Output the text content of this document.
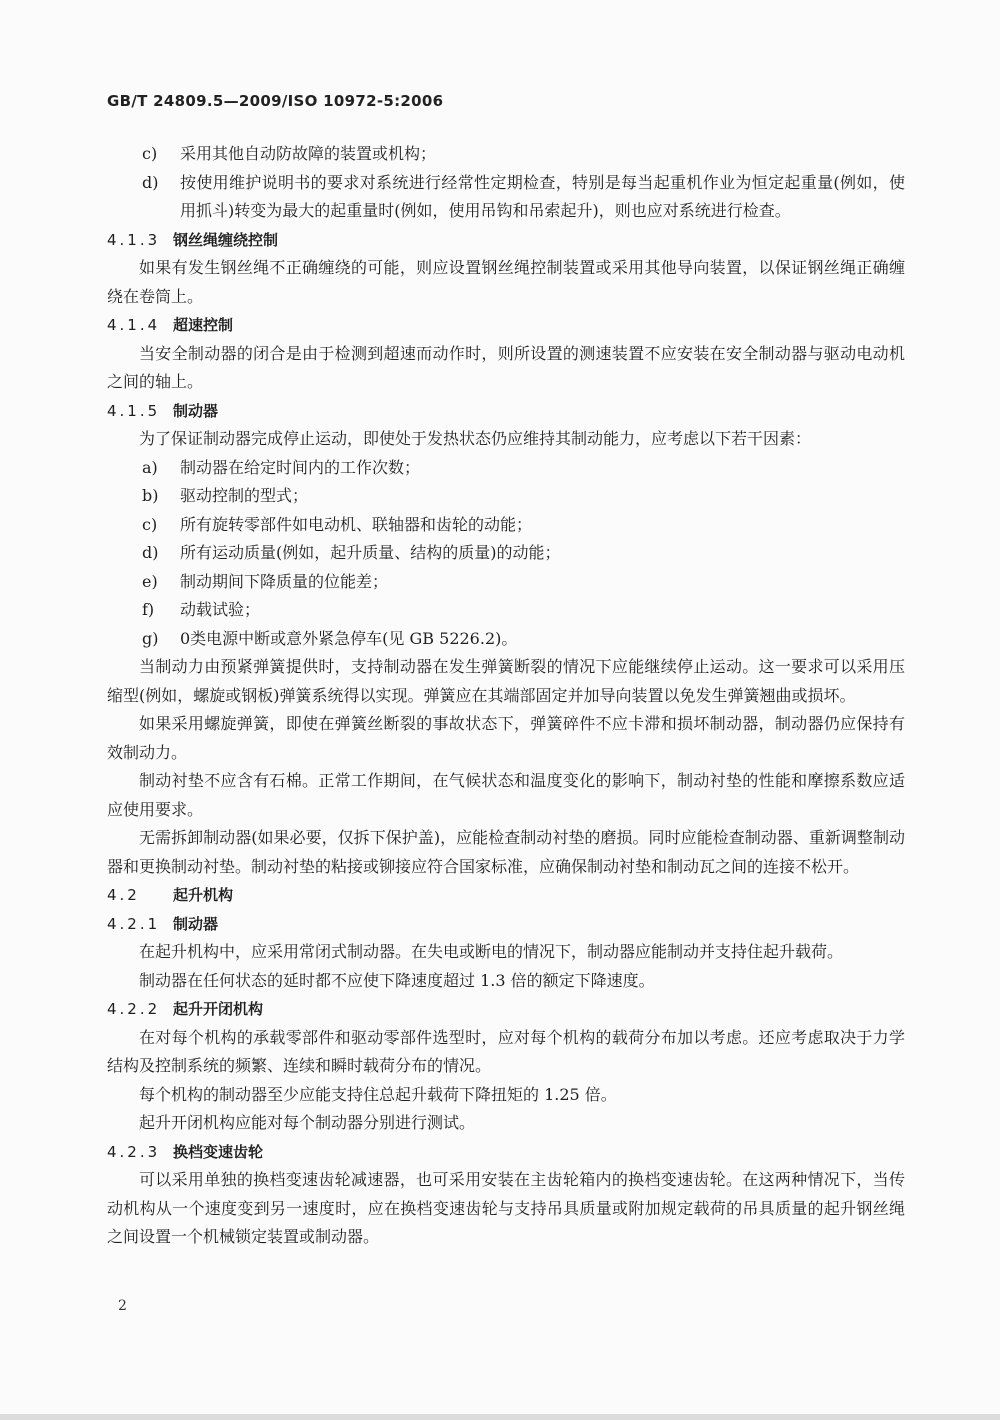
GB/T 24809.5—2009/ISO 10972-5:2006
c) 采用其他自动防故障的装置或机构；
d) 按使用维护说明书的要求对系统进行经常性定期检查，特别是每当起重机作业为恒定起重量(例如，使用抓斗)转变为最大的起重量时(例如，使用吊钩和吊索起升)，则也应对系统进行检查。
4.1.3 钢丝绳缠绕控制

如果有发生钢丝绳不正确缠绕的可能，则应设置钢丝绳控制装置或采用其他导向装置，以保证钢丝绳正确缠绕在卷筒上。

4.1.4 超速控制

当安全制动器的闭合是由于检测到超速而动作时，则所设置的测速装置不应安装在安全制动器与驱动电动机之间的轴上。

4.1.5 制动器

为了保证制动器完成停止运动，即使处于发热状态仍应维持其制动能力，应考虑以下若干因素：

a) 制动器在给定时间内的工作次数；
b) 驱动控制的型式；
c) 所有旋转零部件如电动机、联轴器和齿轮的动能；
d) 所有运动质量(例如，起升质量、结构的质量)的动能；
e) 制动期间下降质量的位能差；
f) 动载试验；
g) 0类电源中断或意外紧急停车(见 GB 5226.2)。

当制动力由预紧弹簧提供时，支持制动器在发生弹簧断裂的情况下应能继续停止运动。这一要求可以采用压缩型(例如，螺旋或钢板)弹簧系统得以实现。弹簧应在其端部固定并加导向装置以免发生弹簧翘曲或损坏。

如果采用螺旋弹簧，即使在弹簧丝断裂的事故状态下，弹簧碎件不应卡滞和损坏制动器，制动器仍应保持有效制动力。

制动衬垫不应含有石棉。正常工作期间，在气候状态和温度变化的影响下，制动衬垫的性能和摩擦系数应适应使用要求。

无需拆卸制动器(如果必要，仅拆下保护盖)，应能检查制动衬垫的磨损。同时应能检查制动器、重新调整制动器和更换制动衬垫。制动衬垫的粘接或铆接应符合国家标准，应确保制动衬垫和制动瓦之间的连接不松开。

4.2 起升机构
4.2.1 制动器

在起升机构中，应采用常闭式制动器。在失电或断电的情况下，制动器应能制动并支持住起升载荷。

制动器在任何状态的延时都不应使下降速度超过 1.3 倍的额定下降速度。

4.2.2 起升开闭机构

在对每个机构的承载零部件和驱动零部件选型时，应对每个机构的载荷分布加以考虑。还应考虑取决于力学结构及控制系统的频繁、连续和瞬时载荷分布的情况。

每个机构的制动器至少应能支持住总起升载荷下降扭矩的 1.25 倍。

起升开闭机构应能对每个制动器分别进行测试。

4.2.3 换档变速齿轮

可以采用单独的换档变速齿轮减速器，也可采用安装在主齿轮箱内的换档变速齿轮。在这两种情况下，当传动机构从一个速度变到另一速度时，应在换档变速齿轮与支持吊具质量或附加规定载荷的吊具质量的起升钢丝绳之间设置一个机械锁定装置或制动器。

2
